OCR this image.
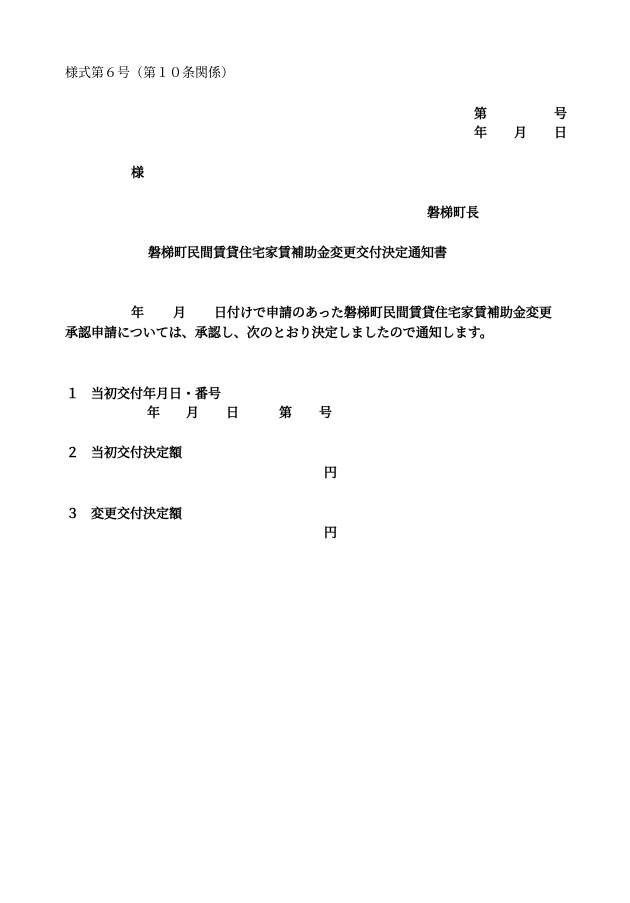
様式第６号（第１０条関係）
第	号
年 月 日
様
磐梯町長
磐梯町民間賃貸住宅家賃補助金変更交付決定通知書
年 月 日付けで申請のあった磐梯町民間賃貸住宅家賃補助金変更
承認申請については、承認し、次のとおり決定しましたので通知します。
１ 当初交付年月日・番号
年 月 日	第 号
２ 当初交付決定額
円
３ 変更交付決定額
円
